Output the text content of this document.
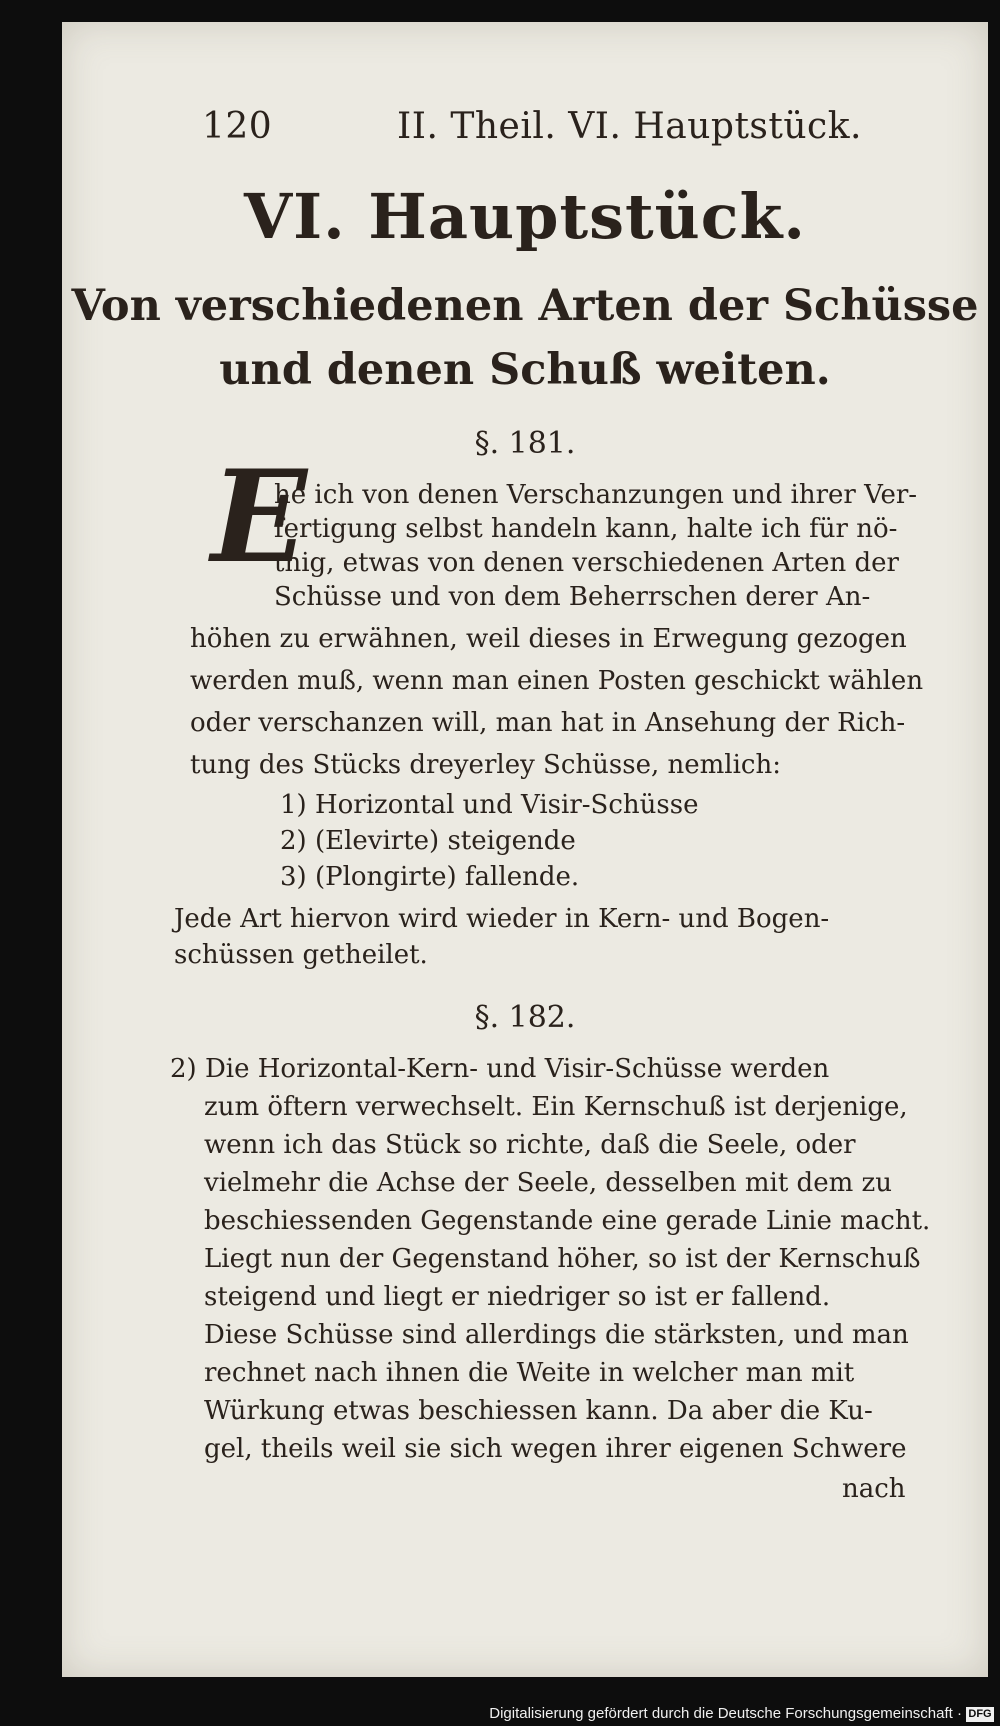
120	II. Theil. VI. Hauptstück.
VI. Hauptstück.
Von verschiedenen Arten der Schüsse
und denen Schuß weiten.
§. 181.
E
he ich von denen Verschanzungen und ihrer Ver-
fertigung selbst handeln kann, halte ich für nö-
thig, etwas von denen verschiedenen Arten der
Schüsse und von dem Beherrschen derer An-
höhen zu erwähnen, weil dieses in Erwegung gezogen
werden muß, wenn man einen Posten geschickt wählen
oder verschanzen will, man hat in Ansehung der Rich-
tung des Stücks dreyerley Schüsse, nemlich:
1) Horizontal und Visir-Schüsse
2) (Elevirte) steigende
3) (Plongirte) fallende.
Jede Art hiervon wird wieder in Kern- und Bogen-
schüssen getheilet.
§. 182.
2) Die Horizontal-Kern- und Visir-Schüsse werden
zum öftern verwechselt. Ein Kernschuß ist derjenige,
wenn ich das Stück so richte, daß die Seele, oder
vielmehr die Achse der Seele, desselben mit dem zu
beschiessenden Gegenstande eine gerade Linie macht.
Liegt nun der Gegenstand höher, so ist der Kernschuß
steigend und liegt er niedriger so ist er fallend.
Diese Schüsse sind allerdings die stärksten, und man
rechnet nach ihnen die Weite in welcher man mit
Würkung etwas beschiessen kann. Da aber die Ku-
gel, theils weil sie sich wegen ihrer eigenen Schwere
nach
Digitalisierung gefördert durch die Deutsche Forschungsgemeinschaft · DFG
